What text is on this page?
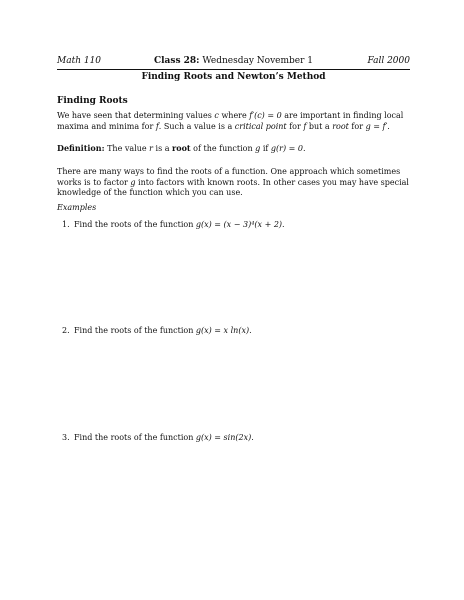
Math 110	Class 28: Wednesday November 1	Fall 2000
Finding Roots and Newton’s Method
Finding Roots
We have seen that determining values c where f′(c) = 0 are important in finding local maxima and minima for f. Such a value is a critical point for f but a root for g = f′.
Definition: The value r is a root of the function g if g(r) = 0.
There are many ways to find the roots of a function. One approach which sometimes works is to factor g into factors with known roots. In other cases you may have special knowledge of the function which you can use.
Examples
1. Find the roots of the function g(x) = (x − 3)⁴(x + 2).
2. Find the roots of the function g(x) = x ln(x).
3. Find the roots of the function g(x) = sin(2x).
